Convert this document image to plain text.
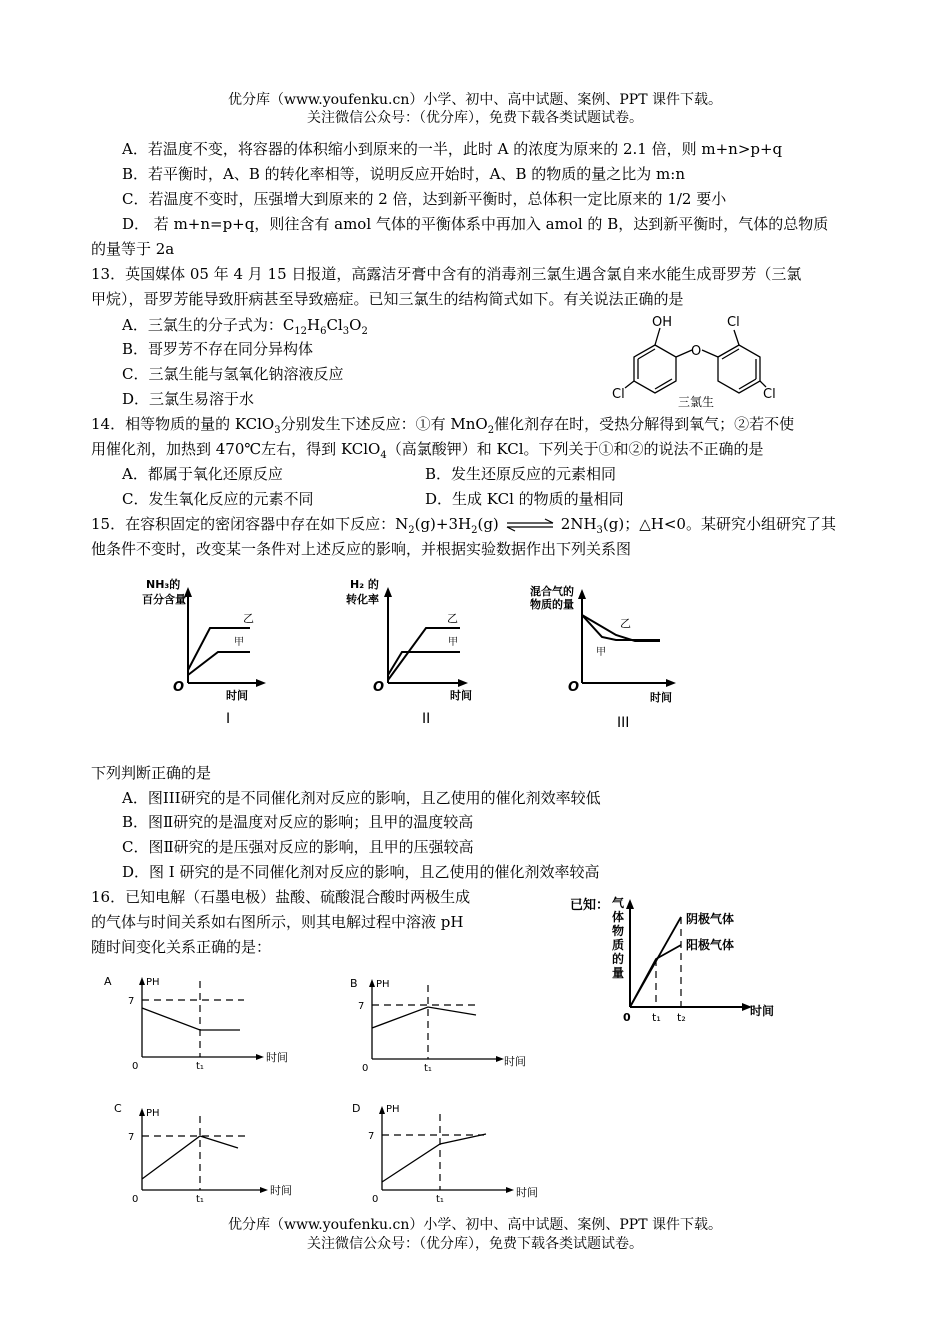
优分库（www.youfenku.cn）小学、初中、高中试题、案例、PPT 课件下载。
关注微信公众号：（优分库），免费下载各类试题试卷。
A．若温度不变，将容器的体积缩小到原来的一半，此时 A 的浓度为原来的 2.1 倍，则 m+n>p+q
B．若平衡时，A、B 的转化率相等，说明反应开始时，A、B 的物质的量之比为 m:n
C．若温度不变时，压强增大到原来的 2 倍，达到新平衡时，总体积一定比原来的 1/2 要小
D． 若 m+n=p+q，则往含有 amol 气体的平衡体系中再加入 amol 的 B，达到新平衡时，气体的总物质
的量等于 2a
13．英国媒体 05 年 4 月 15 日报道，高露洁牙膏中含有的消毒剂三氯生遇含氯自来水能生成哥罗芳（三氯
甲烷），哥罗芳能导致肝病甚至导致癌症。已知三氯生的结构简式如下。有关说法正确的是
A．三氯生的分子式为：$C_{12}H_6Cl_3O_2$
B．哥罗芳不存在同分异构体
C．三氯生能与氢氧化钠溶液反应
D．三氯生易溶于水
OH	Cl
O
Cl	Cl
三氯生
14．相等物质的量的 KClO$_3$分别发生下述反应：①有 MnO$_2$催化剂存在时，受热分解得到氧气；②若不使
用催化剂，加热到 470℃左右，得到 KClO$_4$（高氯酸钾）和 KCl。下列关于①和②的说法不正确的是
A．都属于氧化还原反应	B．发生还原反应的元素相同
C．发生氧化反应的元素不同	D．生成 KCl 的物质的量相同
15．在容积固定的密闭容器中存在如下反应：$N_2(g)+3H_2(g)$ ⇌ $2NH_3(g)$；△H<0。某研究小组研究了其
他条件不变时，改变某一条件对上述反应的影响，并根据实验数据作出下列关系图
NH₃的
百分含量
乙
甲
O
时间
I
H₂ 的
转化率
乙
甲
O
时间
II
混合气的
物质的量
乙
甲
O
时间
III
下列判断正确的是
A．图III研究的是不同催化剂对反应的影响，且乙使用的催化剂效率较低
B．图Ⅱ研究的是温度对反应的影响；且甲的温度较高
C．图Ⅱ研究的是压强对反应的影响，且甲的压强较高
D．图 I 研究的是不同催化剂对反应的影响，且乙使用的催化剂效率较高
16．已知电解（石墨电极）盐酸、硫酸混合酸时两极生成
的气体与时间关系如右图所示，则其电解过程中溶液 pH
随时间变化关系正确的是：
已知： 气
体
物
质
的
量
阴极气体
阳极气体
0 t₁ t₂	时间
A	PH
7
0	t₁
时间
B PH
7
0	t₁
时间
C PH
7
0	t₁
时间
D	PH
7
0	t₁
时间
优分库（www.youfenku.cn）小学、初中、高中试题、案例、PPT 课件下载。
关注微信公众号：（优分库），免费下载各类试题试卷。
